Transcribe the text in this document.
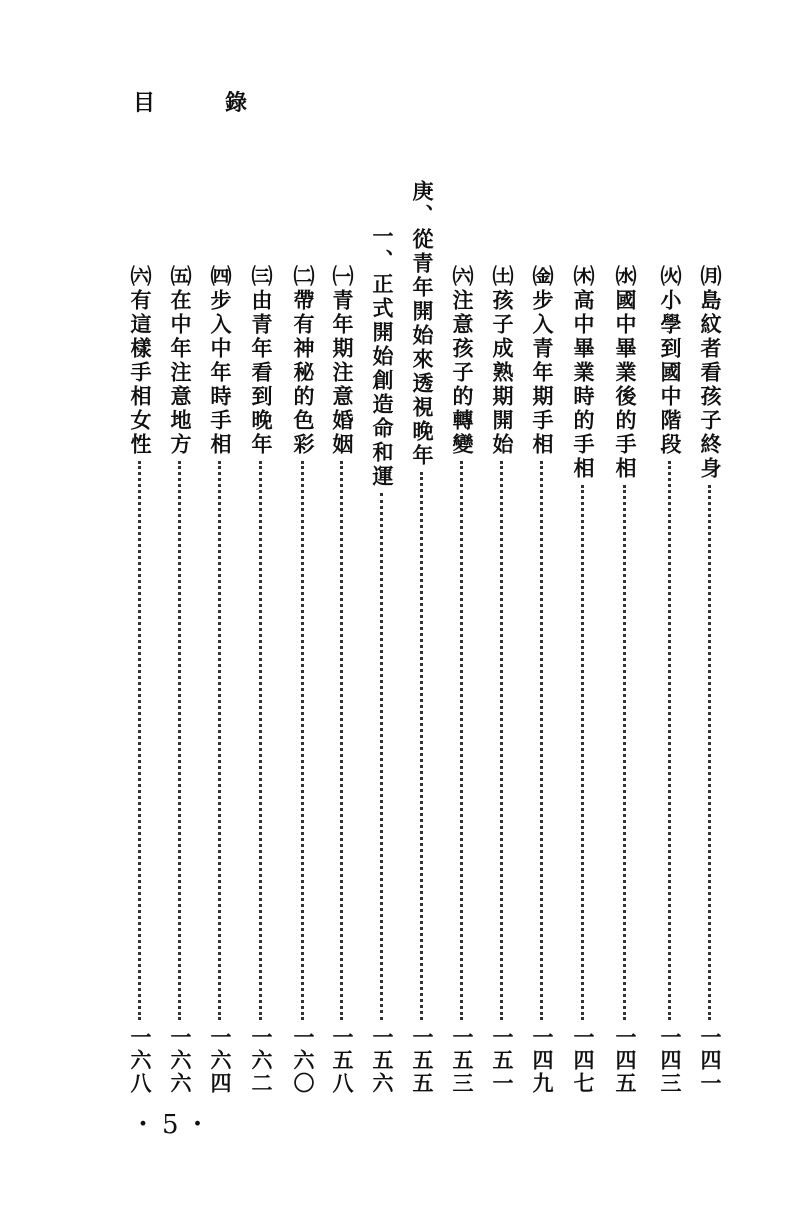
目　錄
㈪島紋者看孩子終身
一四一
㈫小學到國中階段
一四三
㈬國中畢業後的手相
一四五
㈭高中畢業時的手相
一四七
㈮步入青年期手相
一四九
㈯孩子成熟期開始
一五一
㈥注意孩子的轉變
一五三
庚、從青年開始來透視晚年
一五五
一、正式開始創造命和運
一五六
㈠青年期注意婚姻
一五八
㈡帶有神秘的色彩
一六〇
㈢由青年看到晚年
一六二
㈣步入中年時手相
一六四
㈤在中年注意地方
一六六
㈥有這樣手相女性
一六八
・5・
